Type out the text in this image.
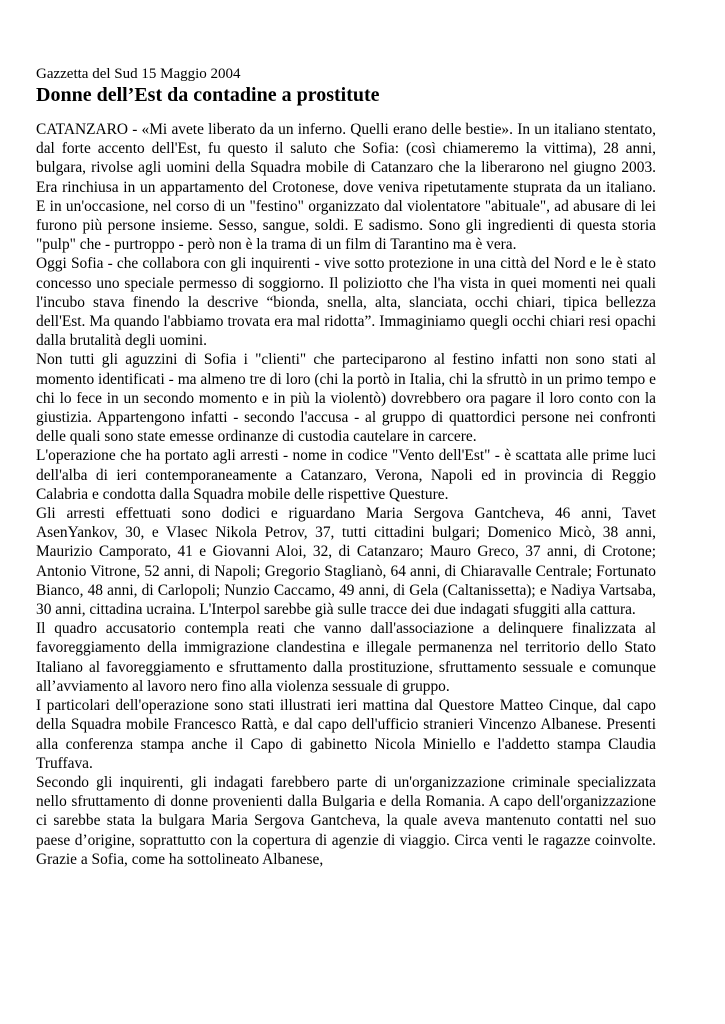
Gazzetta del Sud 15 Maggio 2004

Donne dell’Est da contadine a prostitute

CATANZARO - «Mi avete liberato da un inferno. Quelli erano delle bestie». In un italiano stentato, dal forte accento dell'Est, fu questo il saluto che Sofia: (così chiameremo la vittima), 28 anni, bulgara, rivolse agli uomini della Squadra mobile di Catanzaro che la liberarono nel giugno 2003. Era rinchiusa in un appartamento del Crotonese, dove veniva ripetutamente stuprata da un italiano. E in un'occasione, nel corso di un "festino" organizzato dal violentatore "abituale", ad abusare di lei furono più persone insieme. Sesso, sangue, soldi. E sadismo. Sono gli ingredienti di questa storia "pulp" che - purtroppo - però non è la trama di un film di Tarantino ma è vera.

Oggi Sofia - che collabora con gli inquirenti - vive sotto protezione in una città del Nord e le è stato concesso uno speciale permesso di soggiorno. Il poliziotto che l'ha vista in quei momenti nei quali l'incubo stava finendo la descrive “bionda, snella, alta, slanciata, occhi chiari, tipica bellezza dell'Est. Ma quando l'abbiamo trovata era mal ridotta”. Immaginiamo quegli occhi chiari resi opachi dalla brutalità degli uomini.

Non tutti gli aguzzini di Sofia i "clienti" che parteciparono al festino infatti non sono stati al momento identificati - ma almeno tre di loro (chi la portò in Italia, chi la sfruttò in un primo tempo e chi lo fece in un secondo momento e in più la violentò) dovrebbero ora pagare il loro conto con la giustizia. Appartengono infatti - secondo l'accusa - al gruppo di quattordici persone nei confronti delle quali sono state emesse ordinanze di custodia cautelare in carcere.

L'operazione che ha portato agli arresti - nome in codice "Vento dell'Est" - è scattata alle prime luci dell'alba di ieri contemporaneamente a Catanzaro, Verona, Napoli ed in provincia di Reggio Calabria e condotta dalla Squadra mobile delle rispettive Questure.

Gli arresti effettuati sono dodici e riguardano Maria Sergova Gantcheva, 46 anni, Tavet AsenYankov, 30, e Vlasec Nikola Petrov, 37, tutti cittadini bulgari; Domenico Micò, 38 anni, Maurizio Camporato, 41 e Giovanni Aloi, 32, di Catanzaro; Mauro Greco, 37 anni, di Crotone; Antonio Vitrone, 52 anni, di Napoli; Gregorio Staglianò, 64 anni, di Chiaravalle Centrale; Fortunato Bianco, 48 anni, di Carlopoli; Nunzio Caccamo, 49 anni, di Gela (Caltanissetta); e Nadiya Vartsaba, 30 anni, cittadina ucraina. L'Interpol sarebbe già sulle tracce dei due indagati sfuggiti alla cattura.

Il quadro accusatorio contempla reati che vanno dall'associazione a delinquere finalizzata al favoreggiamento della immigrazione clandestina e illegale permanenza nel territorio dello Stato Italiano al favoreggiamento e sfruttamento dalla prostituzione, sfruttamento sessuale e comunque all’avviamento al lavoro nero fino alla violenza sessuale di gruppo.

I particolari dell'operazione sono stati illustrati ieri mattina dal Questore Matteo Cinque, dal capo della Squadra mobile Francesco Rattà, e dal capo dell'ufficio stranieri Vincenzo Albanese. Presenti alla conferenza stampa anche il Capo di gabinetto Nicola Miniello e l'addetto stampa Claudia Truffava.

Secondo gli inquirenti, gli indagati farebbero parte di un'organizzazione criminale specializzata nello sfruttamento di donne provenienti dalla Bulgaria e della Romania. A capo dell'organizzazione ci sarebbe stata la bulgara Maria Sergova Gantcheva, la quale aveva mantenuto contatti nel suo paese d’origine, soprattutto con la copertura di agenzie di viaggio. Circa venti le ragazze coinvolte. Grazie a Sofia, come ha sottolineato Albanese,
